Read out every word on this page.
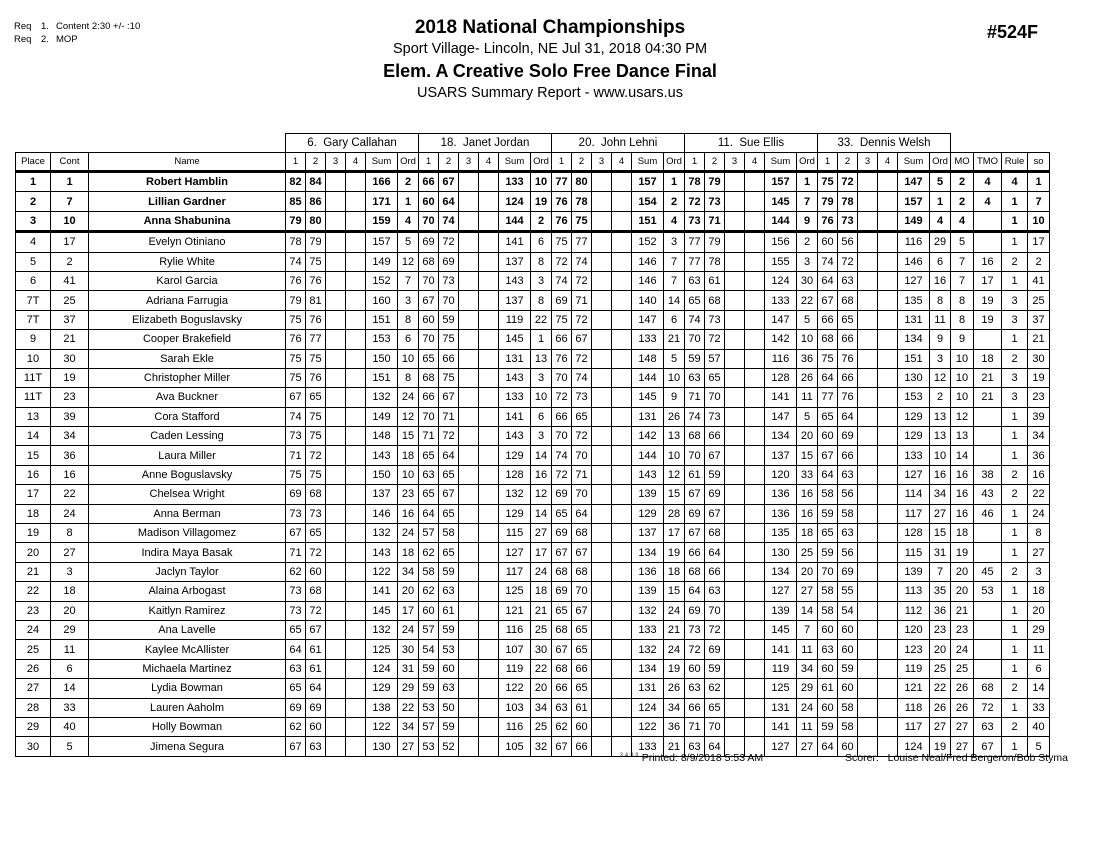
Req 1. Content 2:30 +/- :10
Req 2. MOP
2018 National Championships
Sport Village- Lincoln, NE Jul 31, 2018 04:30 PM
Elem. A Creative Solo Free Dance Final
USARS Summary Report - www.usars.us
#524F
			6.  Gary Callahan						18.  Janet Jordan						20.  John Lehni						11.  Sue Ellis						33.  Dennis Welsh									
Place	Cont	Name	1	2	3	4	Sum	Ord	1	2	3	4	Sum	Ord	1	2	3	4	Sum	Ord	1	2	3	4	Sum	Ord	1	2	3	4	Sum	Ord	MO	TMO	Rule	so
1	1	Robert Hamblin	82	84			166	2	66	67			133	10	77	80			157	1	78	79			157	1	75	72			147	5	2	4	4	1
2	7	Lillian Gardner	85	86			171	1	60	64			124	19	76	78			154	2	72	73			145	7	79	78			157	1	2	4	1	7
3	10	Anna Shabunina	79	80			159	4	70	74			144	2	76	75			151	4	73	71			144	9	76	73			149	4	4		1	10
4	17	Evelyn Otiniano	78	79			157	5	69	72			141	6	75	77			152	3	77	79			156	2	60	56			116	29	5		1	17
5	2	Rylie White	74	75			149	12	68	69			137	8	72	74			146	7	77	78			155	3	74	72			146	6	7	16	2	2
6	41	Karol Garcia	76	76			152	7	70	73			143	3	74	72			146	7	63	61			124	30	64	63			127	16	7	17	1	41
7T	25	Adriana Farrugia	79	81			160	3	67	70			137	8	69	71			140	14	65	68			133	22	67	68			135	8	8	19	3	25
7T	37	Elizabeth Boguslavsky	75	76			151	8	60	59			119	22	75	72			147	6	74	73			147	5	66	65			131	11	8	19	3	37
9	21	Cooper Brakefield	76	77			153	6	70	75			145	1	66	67			133	21	70	72			142	10	68	66			134	9	9		1	21
10	30	Sarah Ekle	75	75			150	10	65	66			131	13	76	72			148	5	59	57			116	36	75	76			151	3	10	18	2	30
11T	19	Christopher Miller	75	76			151	8	68	75			143	3	70	74			144	10	63	65			128	26	64	66			130	12	10	21	3	19
11T	23	Ava Buckner	67	65			132	24	66	67			133	10	72	73			145	9	71	70			141	11	77	76			153	2	10	21	3	23
13	39	Cora Stafford	74	75			149	12	70	71			141	6	66	65			131	26	74	73			147	5	65	64			129	13	12		1	39
14	34	Caden Lessing	73	75			148	15	71	72			143	3	70	72			142	13	68	66			134	20	60	69			129	13	13		1	34
15	36	Laura Miller	71	72			143	18	65	64			129	14	74	70			144	10	70	67			137	15	67	66			133	10	14		1	36
16	16	Anne Boguslavsky	75	75			150	10	63	65			128	16	72	71			143	12	61	59			120	33	64	63			127	16	16	38	2	16
17	22	Chelsea Wright	69	68			137	23	65	67			132	12	69	70			139	15	67	69			136	16	58	56			114	34	16	43	2	22
18	24	Anna Berman	73	73			146	16	64	65			129	14	65	64			129	28	69	67			136	16	59	58			117	27	16	46	1	24
19	8	Madison Villagomez	67	65			132	24	57	58			115	27	69	68			137	17	67	68			135	18	65	63			128	15	18		1	8
20	27	Indira Maya Basak	71	72			143	18	62	65			127	17	67	67			134	19	66	64			130	25	59	56			115	31	19		1	27
21	3	Jaclyn Taylor	62	60			122	34	58	59			117	24	68	68			136	18	68	66			134	20	70	69			139	7	20	45	2	3
22	18	Alaina Arbogast	73	68			141	20	62	63			125	18	69	70			139	15	64	63			127	27	58	55			113	35	20	53	1	18
23	20	Kaitlyn Ramirez	73	72			145	17	60	61			121	21	65	67			132	24	69	70			139	14	58	54			112	36	21		1	20
24	29	Ana Lavelle	65	67			132	24	57	59			116	25	68	65			133	21	73	72			145	7	60	60			120	23	23		1	29
25	11	Kaylee McAllister	64	61			125	30	54	53			107	30	67	65			132	24	72	69			141	11	63	60			123	20	24		1	11
26	6	Michaela Martinez	63	61			124	31	59	60			119	22	68	66			134	19	60	59			119	34	60	59			119	25	25		1	6
27	14	Lydia Bowman	65	64			129	29	59	63			122	20	66	65			131	26	63	62			125	29	61	60			121	22	26	68	2	14
28	33	Lauren Aaholm	69	69			138	22	53	50			103	34	63	61			124	34	66	65			131	24	60	58			118	26	26	72	1	33
29	40	Holly Bowman	62	60			122	34	57	59			116	25	62	60			122	36	71	70			141	11	59	58			117	27	27	63	2	40
30	5	Jimena Segura	67	63			130	27	53	52			105	32	67	66			133	21	63	64			127	27	64	60			124	19	27	67	1	5
$^{3.4.3.0}$ Printed: 8/9/2018 5:53 AM	Scorer: Louise Neal/Fred Bergeron/Bob Styma
